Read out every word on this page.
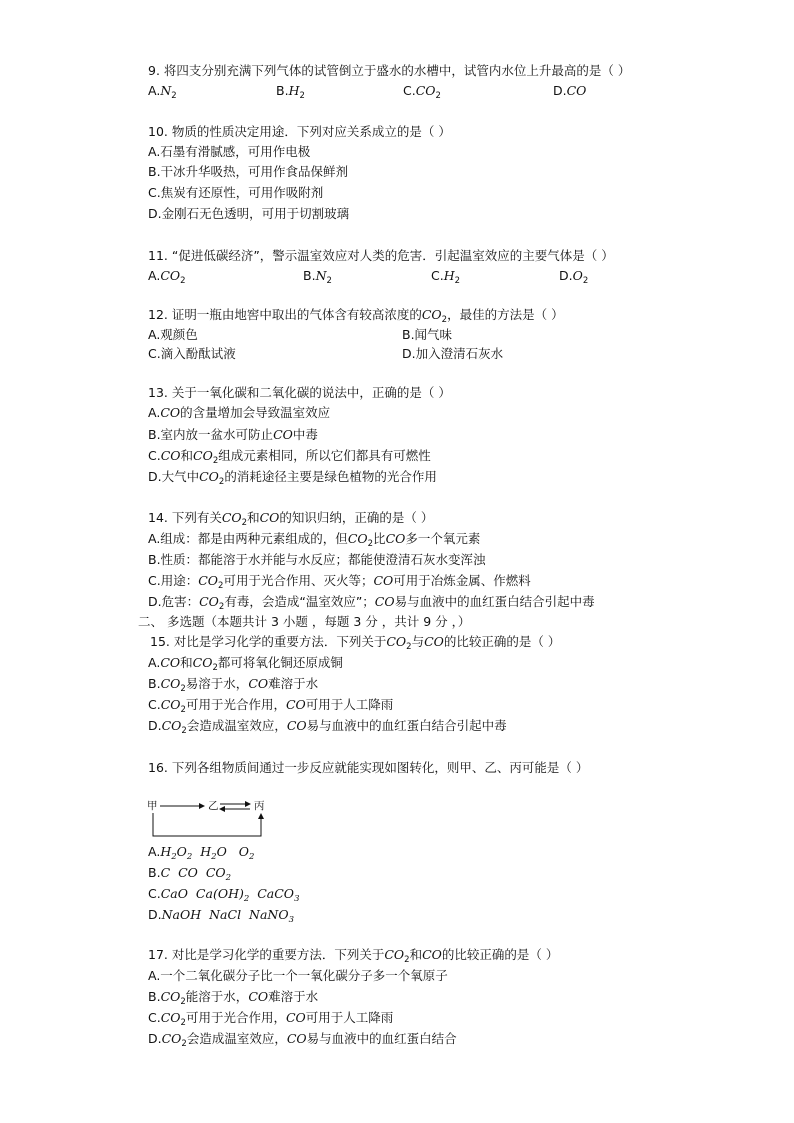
9. 将四支分别充满下列气体的试管倒立于盛水的水槽中，试管内水位上升最高的是（ ）
$A.N_2$	$B.H_2$	$C.CO_2$	D.CO
10. 物质的性质决定用途．下列对应关系成立的是（ ）
A.石墨有滑腻感，可用作电极
B.干冰升华吸热，可用作食品保鲜剂
C.焦炭有还原性，可用作吸附剂
D.金刚石无色透明，可用于切割玻璃
11. “促进低碳经济”，警示温室效应对人类的危害．引起温室效应的主要气体是（ ）
$A.CO_2$	$B.N_2$	$C.H_2$	$D.O_2$
12. 证明一瓶由地窖中取出的气体含有较高浓度的$CO_2$，最佳的方法是（ ）
A.观颜色	B.闻气味
C.滴入酚酞试液	D.加入澄清石灰水
13. 关于一氧化碳和二氧化碳的说法中，正确的是（ ）
A.CO的含量增加会导致温室效应
B.室内放一盆水可防止CO中毒
C.CO和$CO_2$组成元素相同，所以它们都具有可燃性
D.大气中$CO_2$的消耗途径主要是绿色植物的光合作用
14. 下列有关$CO_2$和CO的知识归纳，正确的是（ ）
A.组成：都是由两种元素组成的，但$CO_2$比CO多一个氧元素
B.性质：都能溶于水并能与水反应；都能使澄清石灰水变浑浊
C.用途：$CO_2$可用于光合作用、灭火等；CO可用于冶炼金属、作燃料
D.危害：$CO_2$有毒，会造成“温室效应”；CO易与血液中的血红蛋白结合引起中毒
二、 多选题（本题共计 3 小题 ，每题 3 分 ，共计 9 分 ，）
15. 对比是学习化学的重要方法．下列关于$CO_2$与CO的比较正确的是（ ）
A.CO和$CO_2$都可将氧化铜还原成铜
$B.CO_2$易溶于水，CO难溶于水
$C.CO_2$可用于光合作用，CO可用于人工降雨
$D.CO_2$会造成温室效应，CO易与血液中的血红蛋白结合引起中毒
16. 下列各组物质间通过一步反应就能实现如图转化，则甲、乙、丙可能是（ ）
甲	乙	丙
$A.H_2O_2$ $H_2O$ $O_2$
B.C CO $CO_2$
C.CaO $Ca(OH)_2$ CaCO$_3$
D.NaOH NaCl NaNO$_3$
17. 对比是学习化学的重要方法．下列关于$CO_2$和CO的比较正确的是（ ）
A.一个二氧化碳分子比一个一氧化碳分子多一个氧原子
$B.CO_2$能溶于水，CO难溶于水
$C.CO_2$可用于光合作用，CO可用于人工降雨
$D.CO_2$会造成温室效应，CO易与血液中的血红蛋白结合
